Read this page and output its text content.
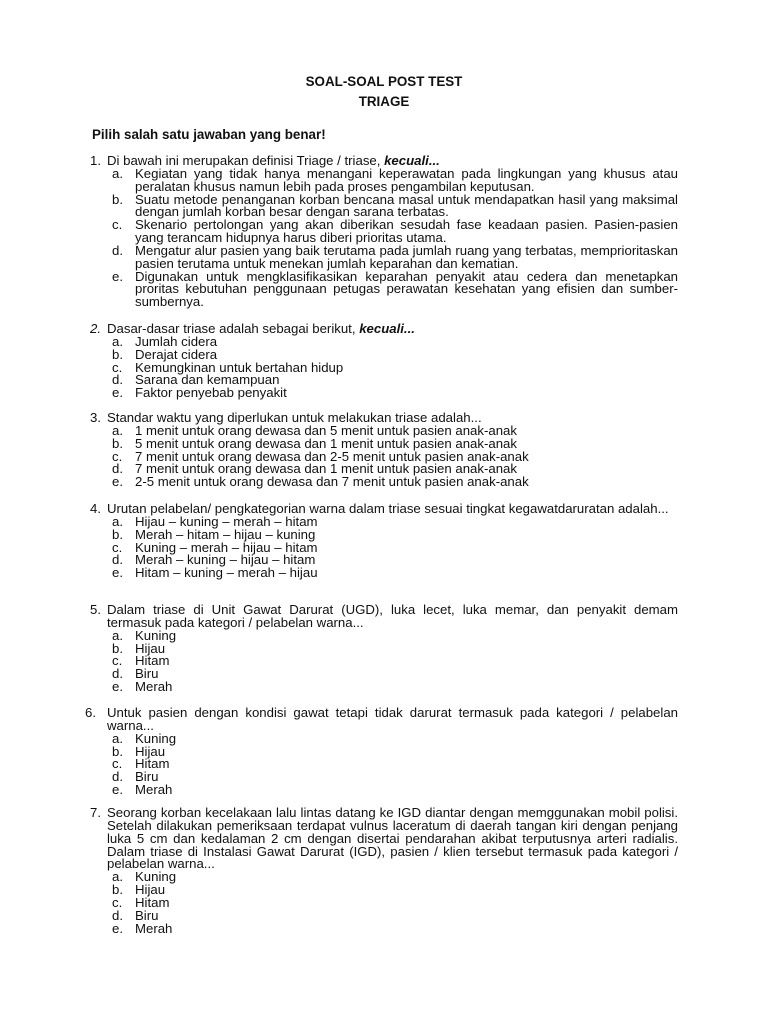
SOAL-SOAL POST TEST
TRIAGE
Pilih salah satu jawaban yang benar!
1. Di bawah ini merupakan definisi Triage / triase, kecuali...
a. Kegiatan yang tidak hanya menangani keperawatan pada lingkungan yang khusus atau peralatan khusus namun lebih pada proses pengambilan keputusan.
b. Suatu metode penanganan korban bencana masal untuk mendapatkan hasil yang maksimal dengan jumlah korban besar dengan sarana terbatas.
c. Skenario pertolongan yang akan diberikan sesudah fase keadaan pasien. Pasien-pasien yang terancam hidupnya harus diberi prioritas utama.
d. Mengatur alur pasien yang baik terutama pada jumlah ruang yang terbatas, memprioritaskan pasien terutama untuk menekan jumlah keparahan dan kematian.
e. Digunakan untuk mengklasifikasikan keparahan penyakit atau cedera dan menetapkan proritas kebutuhan penggunaan petugas perawatan kesehatan yang efisien dan sumber-sumbernya.
2. Dasar-dasar triase adalah sebagai berikut, kecuali...
a. Jumlah cidera
b. Derajat cidera
c. Kemungkinan untuk bertahan hidup
d. Sarana dan kemampuan
e. Faktor penyebab penyakit
3. Standar waktu yang diperlukan untuk melakukan triase adalah...
a. 1 menit untuk orang dewasa dan 5 menit untuk pasien anak-anak
b. 5 menit untuk orang dewasa dan 1 menit untuk pasien anak-anak
c. 7 menit untuk orang dewasa dan 2-5 menit untuk pasien anak-anak
d. 7 menit untuk orang dewasa dan 1 menit untuk pasien anak-anak
e. 2-5 menit untuk orang dewasa dan 7 menit untuk pasien anak-anak
4. Urutan pelabelan/ pengkategorian warna dalam triase sesuai tingkat kegawatdaruratan adalah...
a. Hijau – kuning – merah – hitam
b. Merah – hitam – hijau – kuning
c. Kuning – merah – hijau – hitam
d. Merah – kuning – hijau – hitam
e. Hitam – kuning – merah – hijau
5. Dalam triase di Unit Gawat Darurat (UGD), luka lecet, luka memar, dan penyakit demam termasuk pada kategori / pelabelan warna...
a. Kuning
b. Hijau
c. Hitam
d. Biru
e. Merah
6. Untuk pasien dengan kondisi gawat tetapi tidak darurat termasuk pada kategori / pelabelan warna...
a. Kuning
b. Hijau
c. Hitam
d. Biru
e. Merah
7. Seorang korban kecelakaan lalu lintas datang ke IGD diantar dengan memggunakan mobil polisi. Setelah dilakukan pemeriksaan terdapat vulnus laceratum di daerah tangan kiri dengan penjang luka 5 cm dan kedalaman 2 cm dengan disertai pendarahan akibat terputusnya arteri radialis. Dalam triase di Instalasi Gawat Darurat (IGD), pasien / klien tersebut termasuk pada kategori / pelabelan warna...
a. Kuning
b. Hijau
c. Hitam
d. Biru
e. Merah
